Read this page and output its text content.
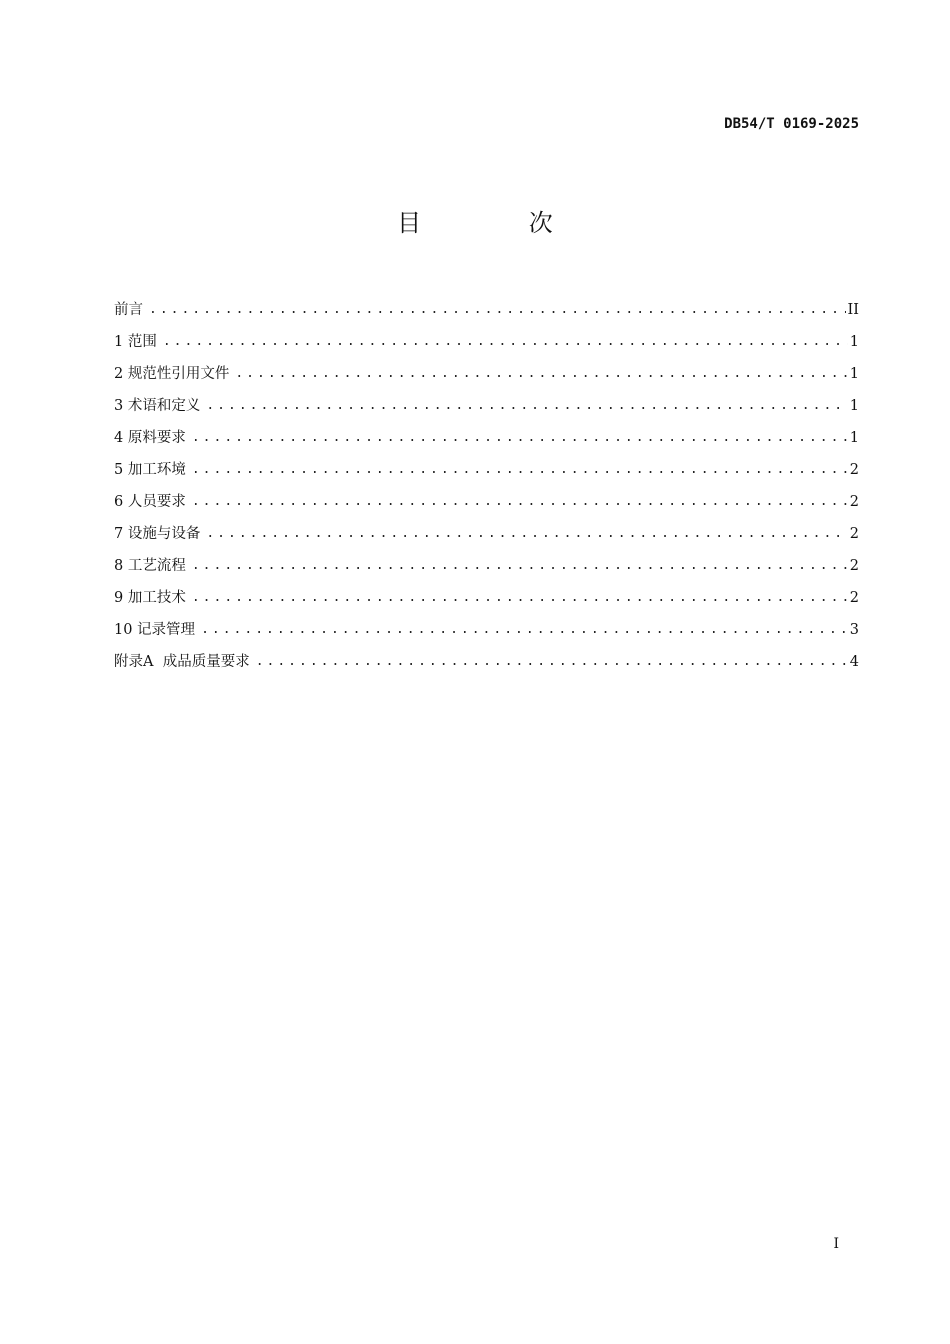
DB54/T 0169-2025
目 次
前言 .....	II
1 范围 .....	1
2 规范性引用文件 .....	1
3 术语和定义 .....	1
4 原料要求 .....	1
5 加工环境 .....	2
6 人员要求 .....	2
7 设施与设备 .....	2
8 工艺流程 .....	2
9 加工技术 .....	2
10 记录管理 .....	3
附录A  成品质量要求 .....	4
I
